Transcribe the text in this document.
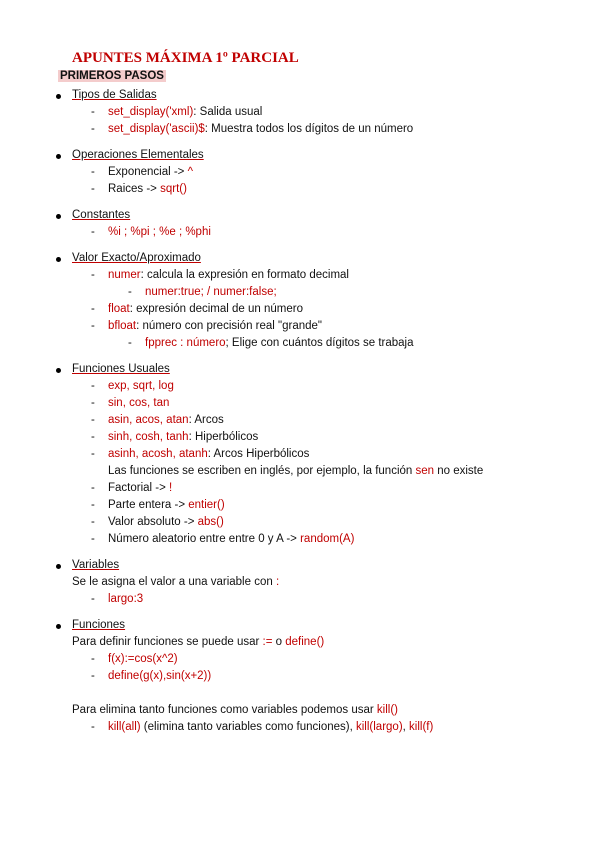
APUNTES MÁXIMA 1º PARCIAL
PRIMEROS PASOS
Tipos de Salidas
- set_display('xml): Salida usual
- set_display('ascii)$: Muestra todos los dígitos de un número
Operaciones Elementales
- Exponencial -> ^
- Raices -> sqrt()
Constantes
- %i ; %pi ; %e ; %phi
Valor Exacto/Aproximado
- numer: calcula la expresión en formato decimal
- numer:true; / numer:false;
- float: expresión decimal de un número
- bfloat: número con precisión real "grande"
- fpprec : número; Elige con cuántos dígitos se trabaja
Funciones Usuales
- exp, sqrt, log
- sin, cos, tan
- asin, acos, atan: Arcos
- sinh, cosh, tanh: Hiperbólicos
- asinh, acosh, atanh: Arcos Hiperbólicos
Las funciones se escriben en inglés, por ejemplo, la función sen no existe
- Factorial -> !
- Parte entera -> entier()
- Valor absoluto -> abs()
- Número aleatorio entre entre 0 y A -> random(A)
Variables
Se le asigna el valor a una variable con :
- largo:3
Funciones
Para definir funciones se puede usar := o define()
- f(x):=cos(x^2)
- define(g(x),sin(x+2))
Para elimina tanto funciones como variables podemos usar kill()
- kill(all) (elimina tanto variables como funciones), kill(largo), kill(f)
